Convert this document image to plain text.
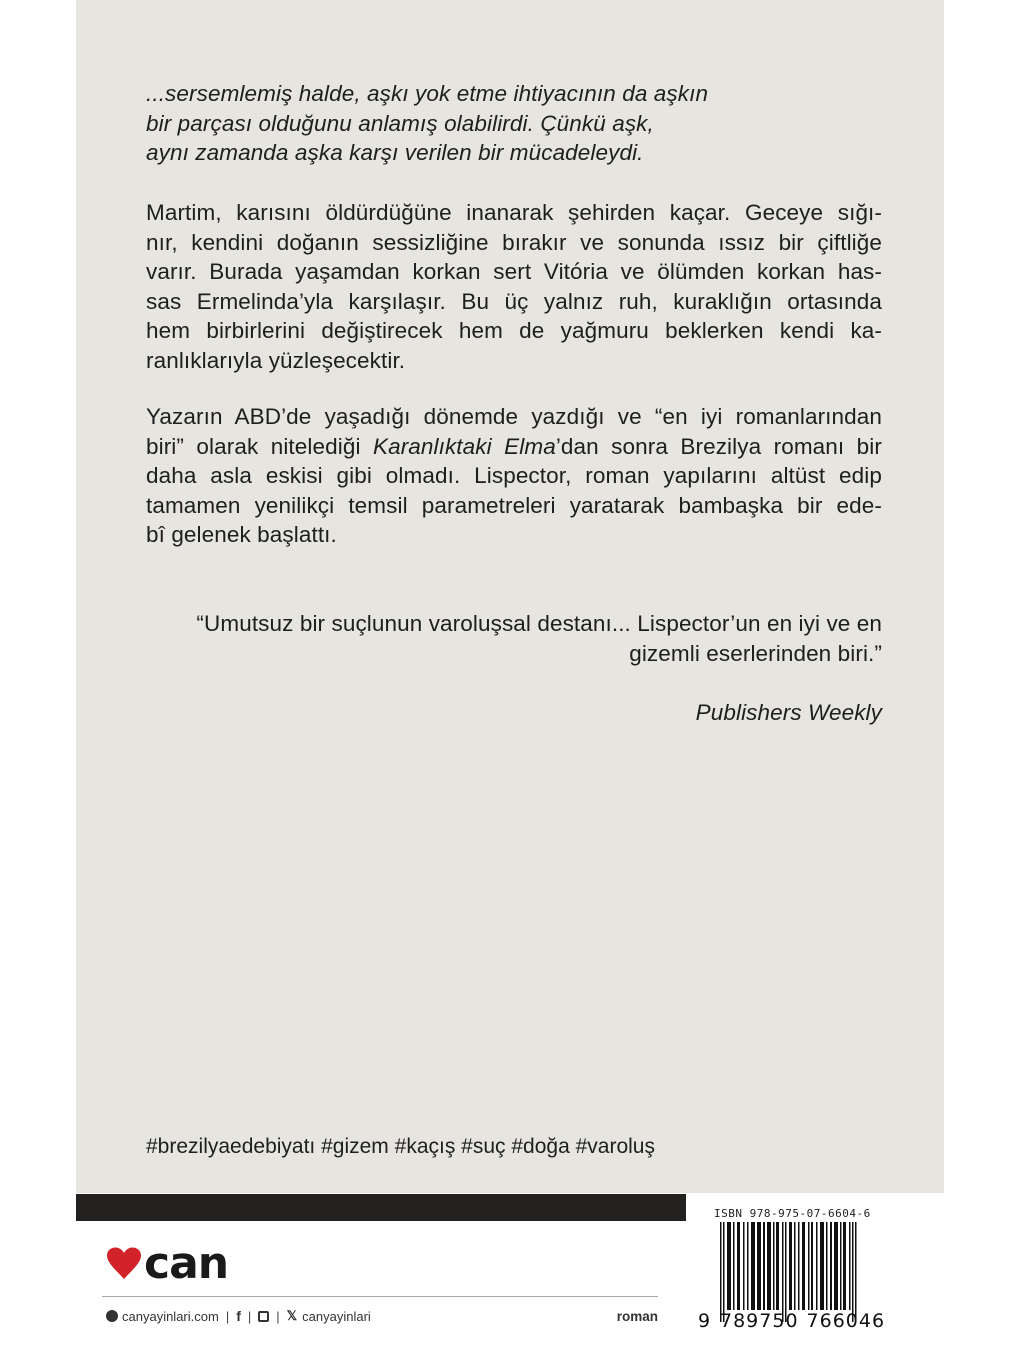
...sersemlemiş halde, aşkı yok etme ihtiyacının da aşkın
bir parçası olduğunu anlamış olabilirdi. Çünkü aşk,
aynı zamanda aşka karşı verilen bir mücadeleydi.
Martim, karısını öldürdüğüne inanarak şehirden kaçar. Geceye sığı-
nır, kendini doğanın sessizliğine bırakır ve sonunda ıssız bir çiftliğe
varır. Burada yaşamdan korkan sert Vitória ve ölümden korkan has-
sas Ermelinda’yla karşılaşır. Bu üç yalnız ruh, kuraklığın ortasında
hem birbirlerini değiştirecek hem de yağmuru beklerken kendi ka-
ranlıklarıyla yüzleşecektir.
Yazarın ABD’de yaşadığı dönemde yazdığı ve “en iyi romanlarından
biri” olarak nitelediği Karanlıktaki Elma’dan sonra Brezilya romanı bir
daha asla eskisi gibi olmadı. Lispector, roman yapılarını altüst edip
tamamen yenilikçi temsil parametreleri yaratarak bambaşka bir ede-
bî gelenek başlattı.
“Umutsuz bir suçlunun varoluşsal destanı... Lispector’un en iyi ve en
gizemli eserlerinden biri.”
Publishers Weekly
#brezilyaedebiyatı #gizem #kaçış #suç #doğa #varoluş
can
canyayinlari.com | f | | 𝕏 canyayinlari	roman
ISBN 978-975-07-6604-6
9 789750 766046
